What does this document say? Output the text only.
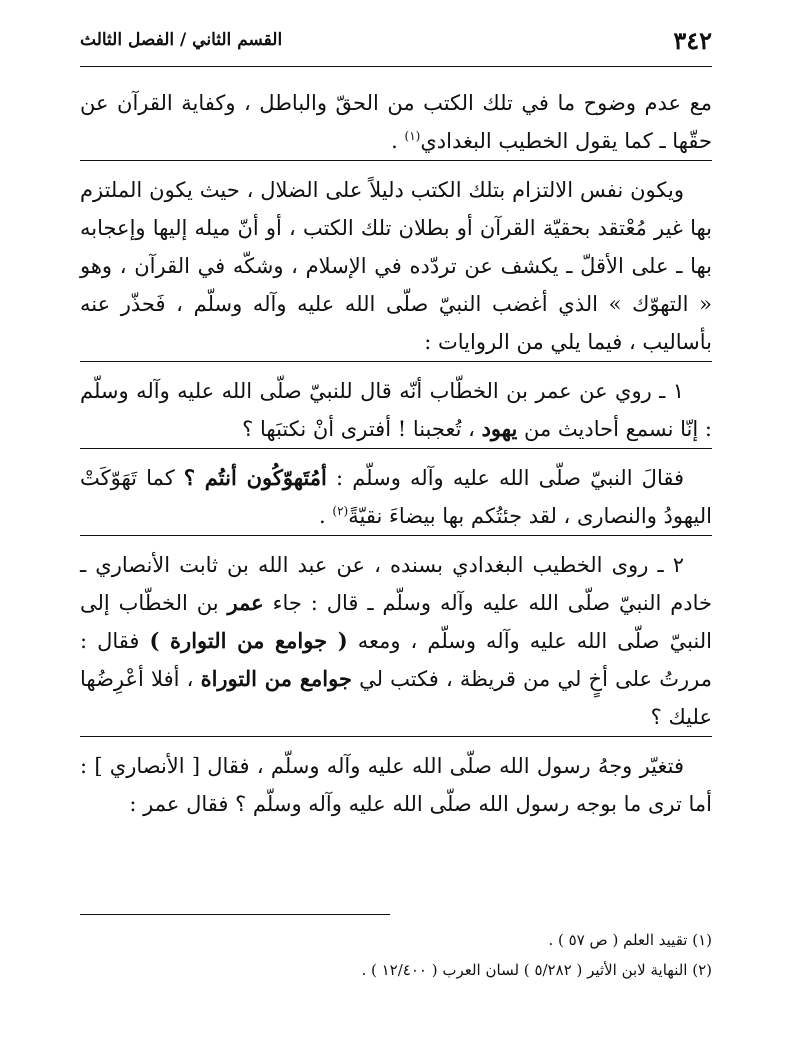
٣٤٢
القسم الثاني / الفصل الثالث

مع عدم وضوح ما في تلك الكتب من الحقّ والباطل ، وكفاية القرآن عن حقّها ـ كما يقول الخطيب البغدادي$^{(١)}$ .

ويكون نفس الالتزام بتلك الكتب دليلاً على الضلال ، حيث يكون الملتزم بها غير مُعْتقد بحقيّة القرآن أو بطلان تلك الكتب ، أو أنّ ميله إليها وإعجابه بها ـ على الأقلّ ـ يكشف عن تردّده في الإسلام ، وشكّه في القرآن ، وهو « التهوّك » الذي أغضب النبيّ صلّى الله عليه وآله وسلّم ، فَحذّر عنه بأساليب ، فيما يلي من الروايات :

١ ـ روي عن عمر بن الخطّاب أنّه قال للنبيّ صلّى الله عليه وآله وسلّم : إنّا نسمع أحاديث من يهود ، تُعجبنا ! أفترى أنْ نكتبَها ؟

فقالَ النبيّ صلّى الله عليه وآله وسلّم : أمُتَهوّكُون أنتُم ؟ كما تَهَوّكَتْ اليهودُ والنصارى ، لقد جئتُكم بها بيضاءَ نقيّةً$^{(٢)}$ .

٢ ـ روى الخطيب البغدادي بسنده ، عن عبد الله بن ثابت الأنصاري ـ خادم النبيّ صلّى الله عليه وآله وسلّم ـ قال : جاء عمر بن الخطّاب إلى النبيّ صلّى الله عليه وآله وسلّم ، ومعه ( جوامع من التوارة ) فقال : مررتُ على أخٍ لي من قريظة ، فكتب لي جوامع من التوراة ، أفلا أعْرِضُها عليك ؟

فتغيّر وجهُ رسول الله صلّى الله عليه وآله وسلّم ، فقال [ الأنصاري ] : أما ترى ما بوجه رسول الله صلّى الله عليه وآله وسلّم ؟ فقال عمر :

(١) تقييد العلم ( ص ٥٧ ) .

(٢) النهاية لابن الأثير ( ٥/٢٨٢ ) لسان العرب ( ١٢/٤٠٠ ) .
